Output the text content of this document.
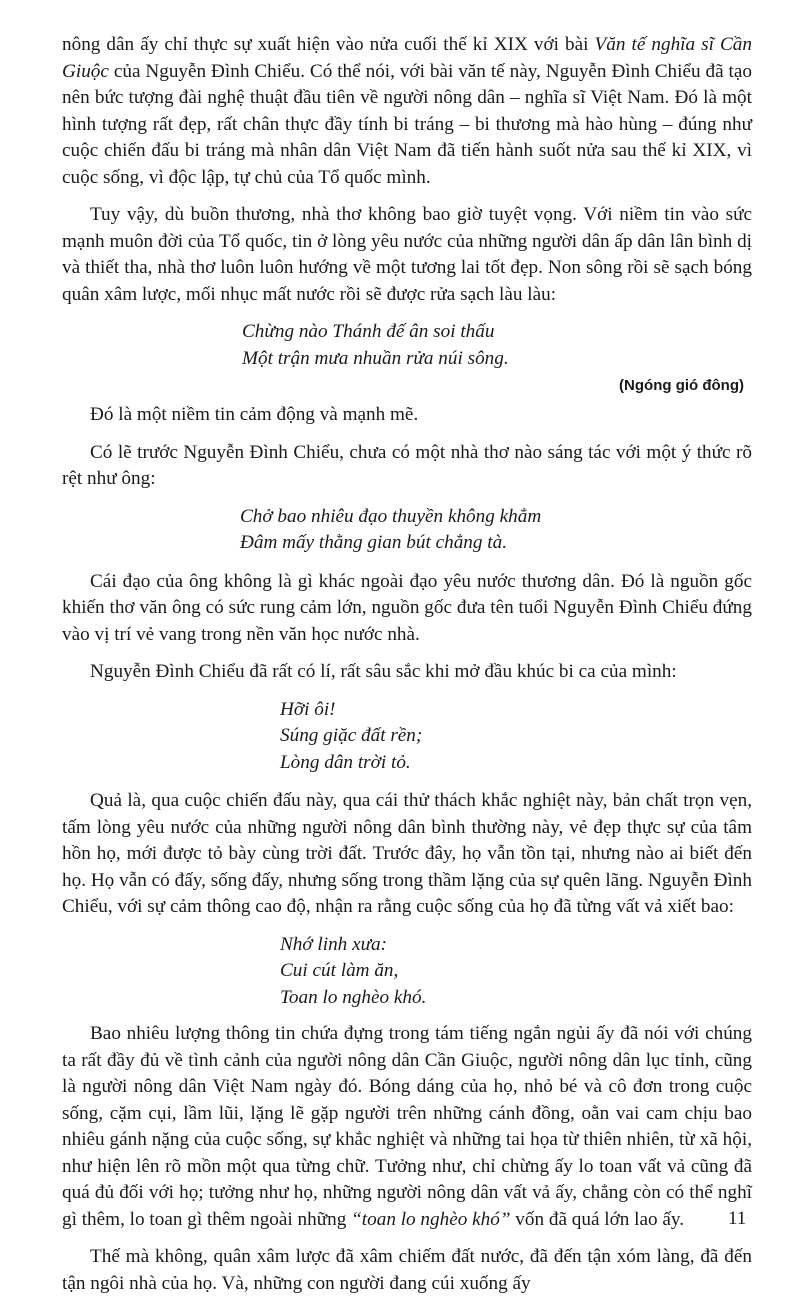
nông dân ấy chỉ thực sự xuất hiện vào nửa cuối thế kỉ XIX với bài Văn tế nghĩa sĩ Cần Giuộc của Nguyễn Đình Chiểu. Có thể nói, với bài văn tế này, Nguyễn Đình Chiểu đã tạo nên bức tượng đài nghệ thuật đầu tiên về người nông dân – nghĩa sĩ Việt Nam. Đó là một hình tượng rất đẹp, rất chân thực đầy tính bi tráng – bi thương mà hào hùng – đúng như cuộc chiến đấu bi tráng mà nhân dân Việt Nam đã tiến hành suốt nửa sau thế kỉ XIX, vì cuộc sống, vì độc lập, tự chủ của Tổ quốc mình.

Tuy vậy, dù buồn thương, nhà thơ không bao giờ tuyệt vọng. Với niềm tin vào sức mạnh muôn đời của Tổ quốc, tin ở lòng yêu nước của những người dân ấp dân lân bình dị và thiết tha, nhà thơ luôn luôn hướng về một tương lai tốt đẹp. Non sông rồi sẽ sạch bóng quân xâm lược, mối nhục mất nước rồi sẽ được rửa sạch làu làu:

Chừng nào Thánh đế ân soi thấu
Một trận mưa nhuần rửa núi sông.
(Ngóng gió đông)

Đó là một niềm tin cảm động và mạnh mẽ.

Có lẽ trước Nguyễn Đình Chiểu, chưa có một nhà thơ nào sáng tác với một ý thức rõ rệt như ông:

Chở bao nhiêu đạo thuyền không khẳm
Đâm mấy thằng gian bút chẳng tà.

Cái đạo của ông không là gì khác ngoài đạo yêu nước thương dân. Đó là nguồn gốc khiến thơ văn ông có sức rung cảm lớn, nguồn gốc đưa tên tuổi Nguyễn Đình Chiểu đứng vào vị trí vẻ vang trong nền văn học nước nhà.

Nguyễn Đình Chiểu đã rất có lí, rất sâu sắc khi mở đầu khúc bi ca của mình:

Hỡi ôi!
Súng giặc đất rền;
Lòng dân trời tỏ.

Quả là, qua cuộc chiến đấu này, qua cái thử thách khắc nghiệt này, bản chất trọn vẹn, tấm lòng yêu nước của những người nông dân bình thường này, vẻ đẹp thực sự của tâm hồn họ, mới được tỏ bày cùng trời đất. Trước đây, họ vẫn tồn tại, nhưng nào ai biết đến họ. Họ vẫn có đấy, sống đấy, nhưng sống trong thầm lặng của sự quên lãng. Nguyễn Đình Chiểu, với sự cảm thông cao độ, nhận ra rằng cuộc sống của họ đã từng vất vả xiết bao:

Nhớ linh xưa:
Cui cút làm ăn,
Toan lo nghèo khó.

Bao nhiêu lượng thông tin chứa đựng trong tám tiếng ngắn ngủi ấy đã nói với chúng ta rất đầy đủ về tình cảnh của người nông dân Cần Giuộc, người nông dân lục tỉnh, cũng là người nông dân Việt Nam ngày đó. Bóng dáng của họ, nhỏ bé và cô đơn trong cuộc sống, cặm cụi, lầm lũi, lặng lẽ gặp người trên những cánh đồng, oằn vai cam chịu bao nhiêu gánh nặng của cuộc sống, sự khắc nghiệt và những tai họa từ thiên nhiên, từ xã hội, như hiện lên rõ mồn một qua từng chữ. Tưởng như, chỉ chừng ấy lo toan vất vả cũng đã quá đủ đối với họ; tưởng như họ, những người nông dân vất vả ấy, chẳng còn có thể nghĩ gì thêm, lo toan gì thêm ngoài những “toan lo nghèo khó” vốn đã quá lớn lao ấy.

Thế mà không, quân xâm lược đã xâm chiếm đất nước, đã đến tận xóm làng, đã đến tận ngôi nhà của họ. Và, những con người đang cúi xuống ấy

11
